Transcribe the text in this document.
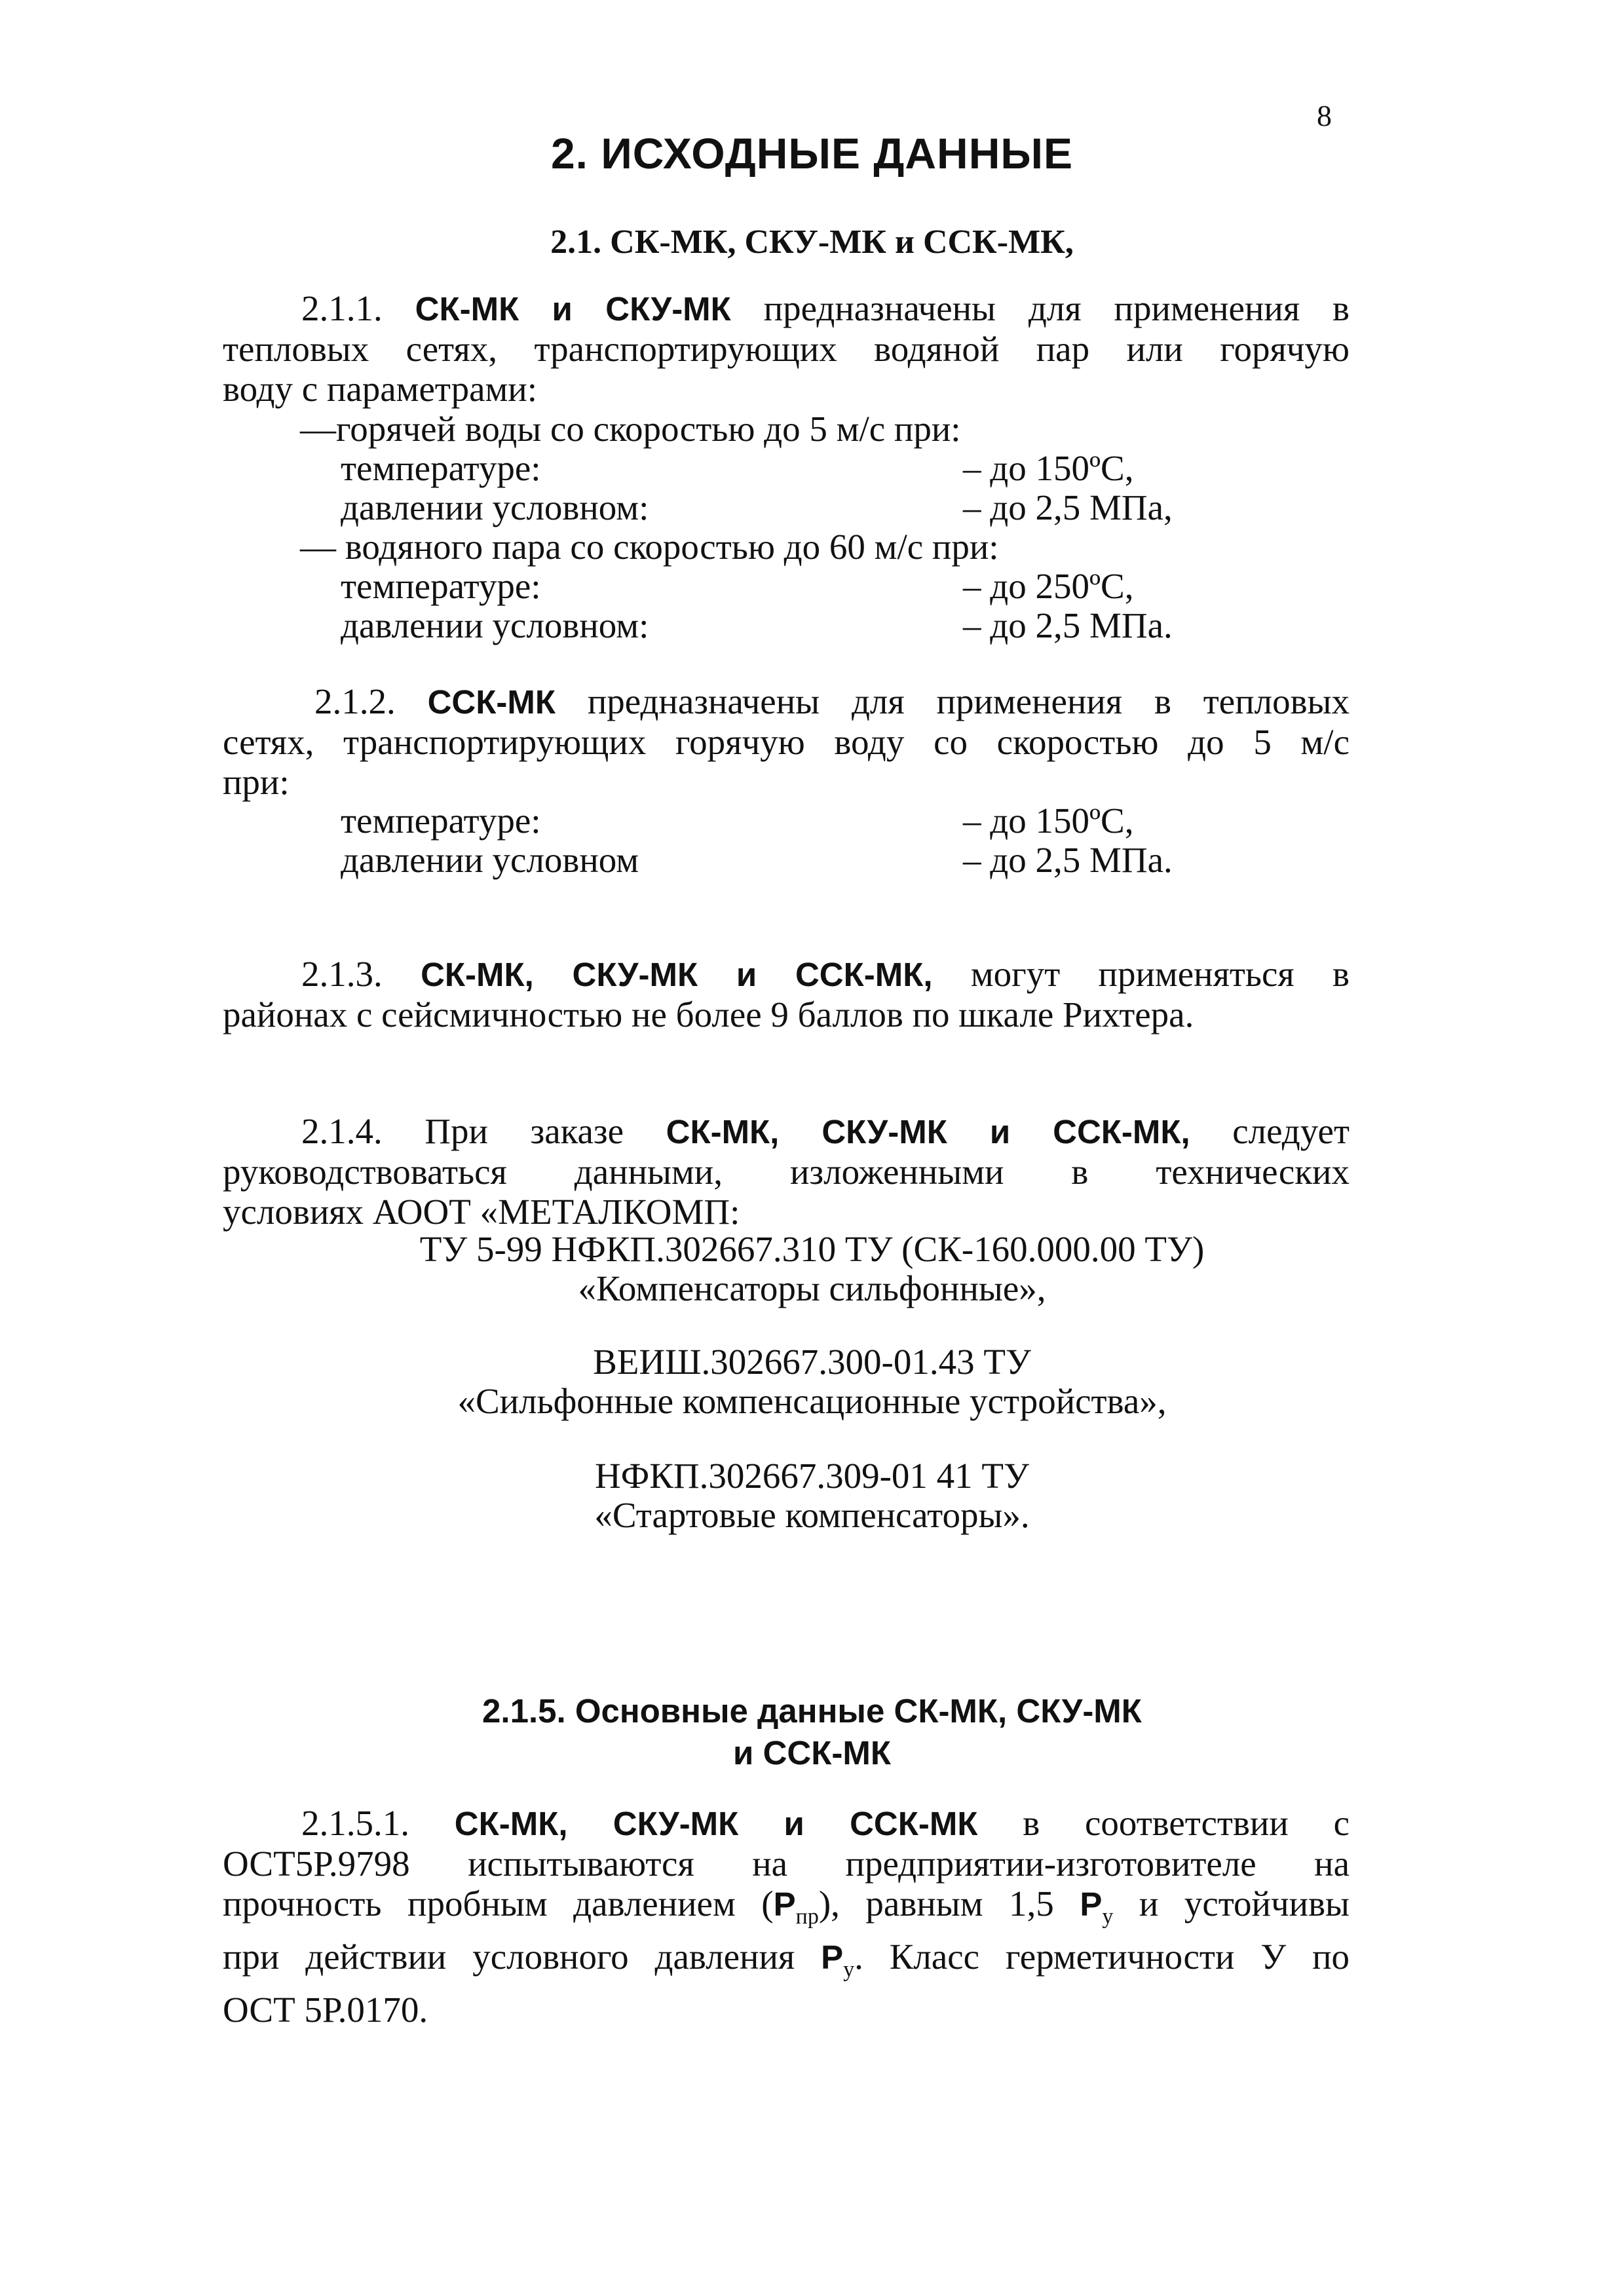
8
2. ИСХОДНЫЕ ДАННЫЕ
2.1. СК-МК, СКУ-МК и ССК-МК,
2.1.1. СК-МК и СКУ-МК предназначены для применения в
тепловых сетях, транспортирующих водяной пар или горячую
воду с параметрами:
—горячей воды со скоростью до 5 м/с при:
температуре:	– до 150ºС,
давлении условном:	– до 2,5 МПа,
— водяного пара со скоростью до 60 м/с при:
температуре:	– до 250ºС,
давлении условном:	– до 2,5 МПа.
2.1.2. ССК-МК предназначены для применения в тепловых
сетях, транспортирующих горячую воду со скоростью до 5 м/с
при:
температуре:	– до 150ºС,
давлении условном	– до 2,5 МПа.
2.1.3. СК-МК, СКУ-МК и ССК-МК, могут применяться в
районах с сейсмичностью не более 9 баллов по шкале Рихтера.
2.1.4. При заказе СК-МК, СКУ-МК и ССК-МК, следует
руководствоваться данными, изложенными в технических
условиях АООТ «МЕТАЛКОМП:
ТУ 5-99 НФКП.302667.310 ТУ (СК-160.000.00 ТУ)
«Компенсаторы сильфонные»,
ВЕИШ.302667.300-01.43 ТУ
«Сильфонные компенсационные устройства»,
НФКП.302667.309-01 41 ТУ
«Стартовые компенсаторы».
2.1.5. Основные данные СК-МК, СКУ-МК
и ССК-МК
2.1.5.1. СК-МК, СКУ-МК и ССК-МК в соответствии с
ОСТ5Р.9798 испытываются на предприятии-изготовителе на
прочность пробным давлением $(Р_{пр})$, равным 1,5 $Р_у$ и устойчивы
при действии условного давления $Р_у$. Класс герметичности У по
ОСТ 5Р.0170.
